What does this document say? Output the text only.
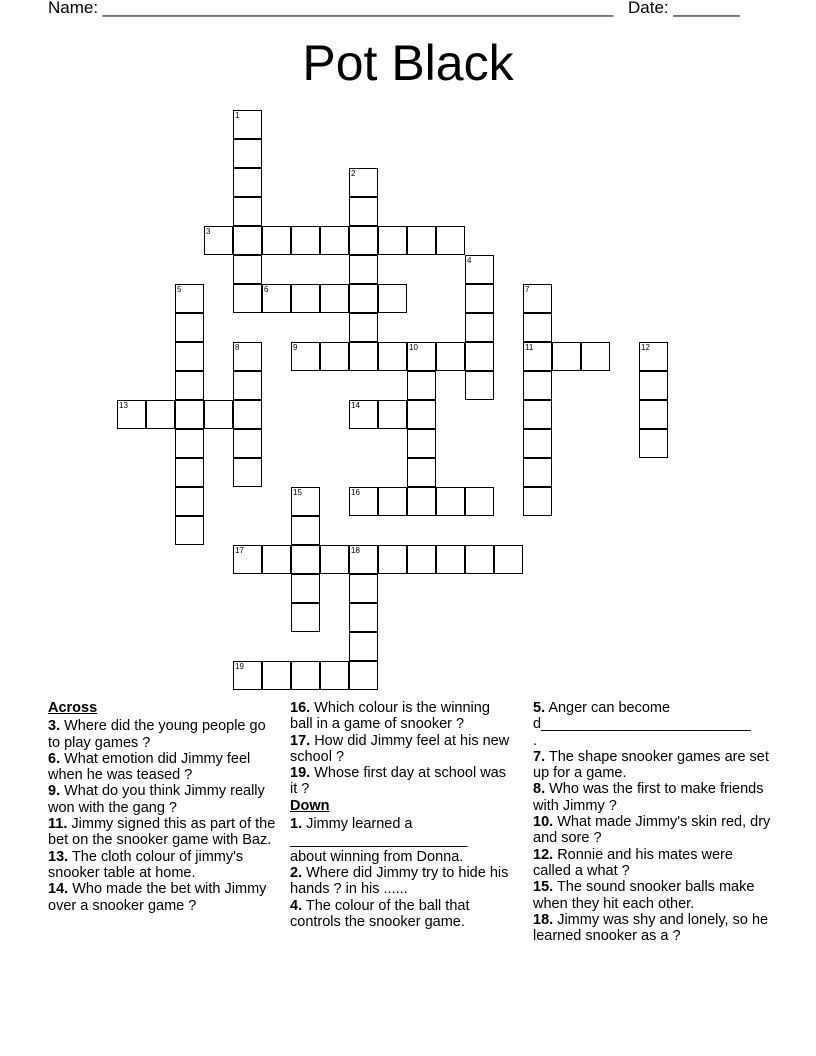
Name: ______________________________________________________ Date: _______
Pot Black
1
2
3
4
5	6	7
11
8	9	10	12
13	14
15	16
17	18
19
Across
3. Where did the young people go to play games ?
6. What emotion did Jimmy feel when he was teased ?
9. What do you think Jimmy really won with the gang ?
11. Jimmy signed this as part of the bet on the snooker game with Baz.
13. The cloth colour of jimmy's snooker table at home.
14. Who made the bet with Jimmy over a snooker game ?
16. Which colour is the winning ball in a game of snooker ?
17. How did Jimmy feel at his new school ?
19. Whose first day at school was it ?
Down
1. Jimmy learned a
______________________
about winning from Donna.
2. Where did Jimmy try to hide his hands ? in his ......
4. The colour of the ball that controls the snooker game.
5. Anger can become
d__________________________
.
7. The shape snooker games are set up for a game.
8. Who was the first to make friends with Jimmy ?
10. What made Jimmy's skin red, dry and sore ?
12. Ronnie and his mates were called a what ?
15. The sound snooker balls make when they hit each other.
18. Jimmy was shy and lonely, so he learned snooker as a ?
